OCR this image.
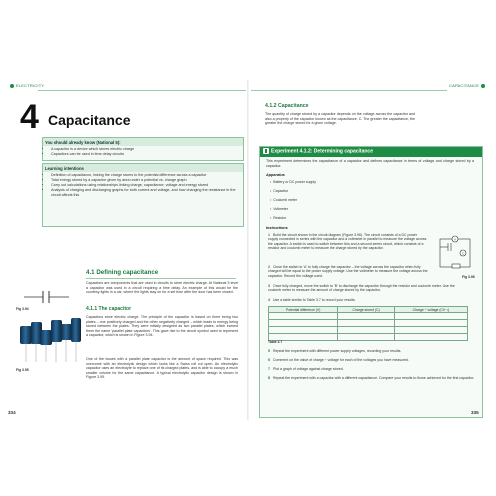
ELECTRICITY
4 Capacitance
You should already know (National 5):
• A capacitor is a device which stores electric charge
• Capacitors can be used in time delay circuits
Learning intentions
• Definition of capacitance, linking the charge stores to the potential difference across a capacitor
• Total energy stored by a capacitor given by area under a potential vs. charge graph
• Carry out calculations using relationships linking charge, capacitance, voltage and energy stored
• Analysis of charging and discharging graphs for both current and voltage, and how changing the resistance in the circuit affects this
4.1 Defining capacitance
Capacitors are components that are used in circuits to store electric charge. At National 5 level a capacitor was used in a circuit requiring a time delay. An example of this would be the courtesy lights in a car, where the lights stay on for a set time after the door has been closed.
Fig 3.94	4.1.1 The capacitor
Capacitors store electric charge. The principle of the capacitor is based on there being two plates – one positively charged and the other negatively charged – which leads to energy being stored between the plates. They were initially designed as two parallel plates, which earned them the name 'parallel plate capacitors'. This gave rise to the circuit symbol used to represent a capacitor, which is shown in Figure 3.94.
One of the issues with a parallel plate capacitor is the amount of space required. This was overcome with an electrolytic design which looks like a Swiss roll cut open. An electrolytic capacitor uses an electrolyte to replace one of its charged plates, and is able to occupy a much smaller volume for the same capacitance. A typical electrolytic capacitor design is shown in Figure 3.95.
Fig 3.95
334
CAPACITANCE
4.1.2 Capacitance
The quantity of charge stored by a capacitor depends on the voltage across the capacitor and also a property of the capacitor known as the capacitance, C. The greater the capacitance, the greater the charge stored for a given voltage.
Experiment 4.1.2: Determining capacitance
This experiment determines the capacitance of a capacitor and defines capacitance in terms of voltage and charge stored by a capacitor.
Apparatus
• Battery or DC power supply
• Capacitor
• Coulomb meter
• Voltmeter
• Resistor
Instructions
1 Build the circuit shown in the circuit diagram (Figure 3.96). The circuit consists of a DC power supply connected in series with the capacitor and a voltmeter in parallel to measure the voltage across the capacitor. A switch is used to switch between this and a second series circuit, which consists of a resistor and coulomb meter to measure the charge stored by the capacitor.
2 Close the switch to 'A' to fully charge the capacitor – the voltage across the capacitor when fully charged will be equal to the power supply voltage. Use the voltmeter to measure the voltage across the capacitor. Record the voltage used.
3 Once fully charged, move the switch to 'B' to discharge the capacitor through the resistor and coulomb meter. Use the coulomb meter to measure the amount of charge stored by the capacitor.
4 Use a table similar to Table 3.7 to record your results.
V
C
Fig 3.96
Potential difference (V)	Charge stored (C)	Charge ÷ voltage (CV⁻¹)

Table 3.7
5 Repeat the experiment with different power supply voltages, recording your results.
6 Comment on the value of charge ÷ voltage for each of the voltages you have measured.
7 Plot a graph of voltage against charge stored.
8 Repeat the experiment with a capacitor with a different capacitance. Compare your results to those achieved for the first capacitor.
335
